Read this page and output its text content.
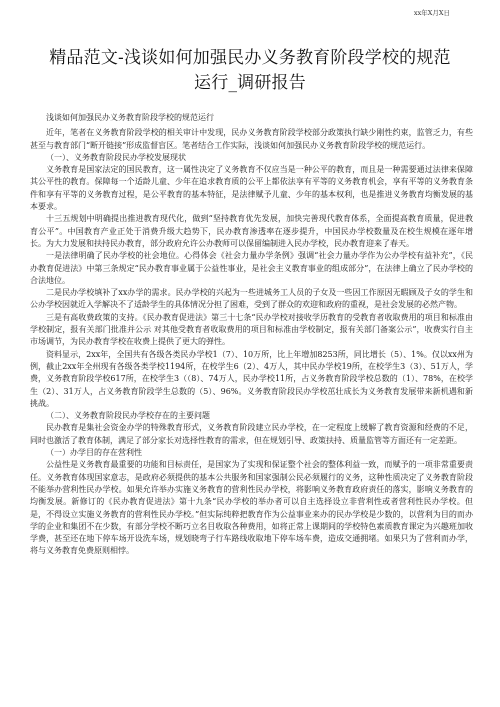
xx年X月X日
精品范文-浅谈如何加强民办义务教育阶段学校的规范
运行_调研报告

浅谈如何加强民办义务教育阶段学校的规范运行

近年，笔者在义务教育阶段学校的相关审计中发现，民办义务教育阶段学校部分政策执行缺少刚性约束，监管乏力，有些甚至与教育部门“断开链接”形成监督盲区。笔者结合工作实际，浅谈如何加强民办义务教育阶段学校的规范运行。

（一）、义务教育阶段民办学校发展现状

义务教育是国家法定的国民教育，这一属性决定了义务教育不仅应当是一种公平的教育，而且是一种需要通过法律来保障其公平性的教育。保障每一个适龄儿童、少年在追求教育质的公平上都依法享有平等的义务教育机会，享有平等的义务教育条件和享有平等的义务教育过程，是公平教育的基本特征，是法律赋予儿童、少年的基本权利，也是推进义务教育均衡发展的基本要求。

十三五规划中明确提出推进教育现代化，做到“坚持教育优先发展，加快完善现代教育体系，全面提高教育质量，促进教育公平”。中国教育产业正处于消费升级大趋势下，民办教育渗透率在逐步提升，中国民办学校数量及在校生规模在逐年增长。为大力发展和扶持民办教育，部分政府允许公办教师可以保留编制进入民办学校，民办教育迎来了春天。

一是法律明确了民办学校的社会地位。心得体会《社会力量办学条例》强调“社会力量办学作为公办学校有益补充”，《民办教育促进法》中第三条规定“民办教育事业属于公益性事业，是社会主义教育事业的组成部分”，在法律上确立了民办学校的合法地位。

二是民办学校填补了xx办学的需求。民办学校的兴起为一些进城务工人员的子女及一些因工作原因无暇顾及子女的学生和公办学校因就近入学解决不了适龄学生的具体情况分担了困难，受到了群众的欢迎和政府的重视，是社会发展的必然产物。

三是有高收费政策的支持。《民办教育促进法》第三十七条“民办学校对接收学历教育的受教育者收取费用的项目和标准由学校制定，报有关部门批准并公示 对其他受教育者收取费用的项目和标准由学校制定，报有关部门备案公示”，收费实行自主市场调节，为民办教育学校在收费上提供了更大的弹性。

资料显示，2xx年，全国共有各级各类民办学校1（7）、10万所，比上年增加8253所，同比增长（5）、1%。仅以xx州为例，截止2xx年全州现有各级各类学校1194所，在校学生6（2）、4万人，其中民办学校19所，在校学生3（3）、51万人，学费，义务教育阶段学校617所，在校学生3（（8）、74万人，民办学校11所，占义务教育阶段学校总数的（1）、78%，在校学生（2）、31万人，占义务教育阶段学生总数的（5）、96%。义务教育阶段民办学校茁壮成长为义务教育发展带来新机遇和新挑战。

（二）、义务教育阶段民办学校存在的主要问题

民办教育是集社会资金办学的特殊教育形式，义务教育阶段建立民办学校，在一定程度上缓解了教育资源和经费的不足，同时也激活了教育体制，满足了部分家长对选择性教育的需求，但在规划引导、政策扶持、质量监管等方面还有一定差距。

（一）办学目的存在营利性

公益性是义务教育最重要的功能和目标责任，是国家为了实现和保证整个社会的整体利益一致，而赋予的一项非常重要责任。义务教育体现国家意志，是政府必须提供的基本公共服务和国家强制公民必须履行的义务，这种性质决定了义务教育阶段不能举办营利性民办学校。如果允许举办实施义务教育的营利性民办学校，将影响义务教育政府责任的落实，影响义务教育的均衡发展。新修订的《民办教育促进法》第十九条“民办学校的举办者可以自主选择设立非营利性或者营利性民办学校。但是，不得设立实施义务教育的营利性民办学校。”但实际纯粹把教育作为公益事业来办的民办学校是少数的，以营利为目的而办学的企业和集团不在少数，有部分学校不断巧立名目收取各种费用，如将正常上课期间的学校特色素质教育课定为兴趣班加收学费，甚至还在地下停车场开设洗车场，规划晓弯子行车路线收取地下停车场车费，造成交通拥堵。如果只为了营利而办学，将与义务教育免费原则相悖。
